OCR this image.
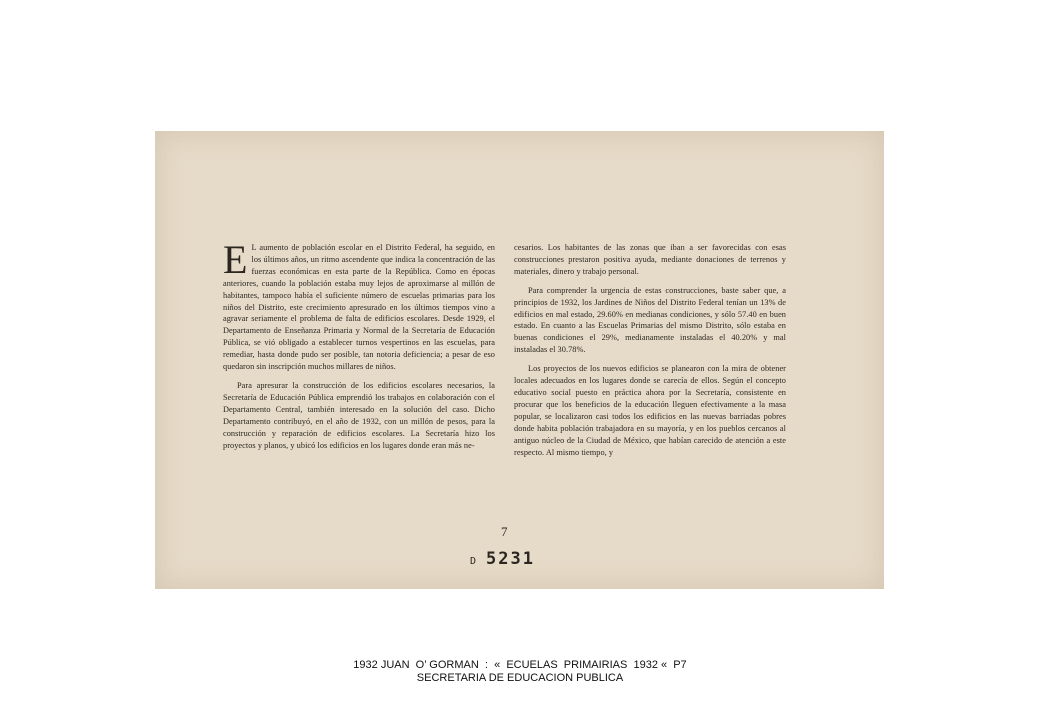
E L aumento de población escolar en el Distrito Federal, ha seguido, en los últimos años, un ritmo ascendente que indica la concentración de las fuerzas económicas en esta parte de la República. Como en épocas anteriores, cuando la población estaba muy lejos de aproximarse al millón de habitantes, tampoco había el suficiente número de escuelas primarias para los niños del Distrito, este crecimiento apresurado en los últimos tiempos vino a agravar seriamente el problema de falta de edificios escolares. Desde 1929, el Departamento de Enseñanza Primaria y Normal de la Secretaría de Educación Pública, se vió obligado a establecer turnos vespertinos en las escuelas, para remediar, hasta donde pudo ser posible, tan notoria deficiencia; a pesar de eso quedaron sin inscripción muchos millares de niños.

Para apresurar la construcción de los edificios escolares necesarios, la Secretaría de Educación Pública emprendió los trabajos en colaboración con el Departamento Central, también interesado en la solución del caso. Dicho Departamento contribuyó, en el año de 1932, con un millón de pesos, para la construcción y reparación de edificios escolares. La Secretaría hizo los proyectos y planos, y ubicó los edificios en los lugares donde eran más ne-

cesarios. Los habitantes de las zonas que iban a ser favorecidas con esas construcciones prestaron positiva ayuda, mediante donaciones de terrenos y materiales, dinero y trabajo personal.

Para comprender la urgencia de estas construcciones, baste saber que, a principios de 1932, los Jardines de Niños del Distrito Federal tenían un 13% de edificios en mal estado, 29.60% en medianas condiciones, y sólo 57.40 en buen estado. En cuanto a las Escuelas Primarias del mismo Distrito, sólo estaba en buenas condiciones el 29%, medianamente instaladas el 40.20% y mal instaladas el 30.78%.

Los proyectos de los nuevos edificios se planearon con la mira de obtener locales adecuados en los lugares donde se carecía de ellos. Según el concepto educativo social puesto en práctica ahora por la Secretaría, consistente en procurar que los beneficios de la educación lleguen efectivamente a la masa popular, se localizaron casi todos los edificios en las nuevas barriadas pobres donde habita población trabajadora en su mayoría, y en los pueblos cercanos al antiguo núcleo de la Ciudad de México, que habían carecido de atención a este respecto. Al mismo tiempo, y

7
D 5231
1932 JUAN  O’ GORMAN  :  «  ECUELAS  PRIMAIRIAS  1932 «  P7
SECRETARIA DE EDUCACION PUBLICA
